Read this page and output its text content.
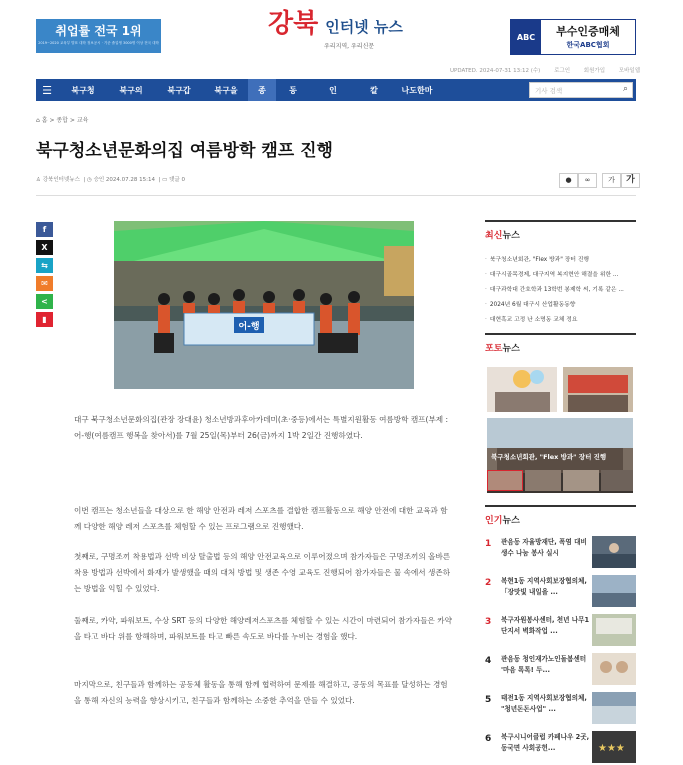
취업률 전국 1위
2019~2020 교육부 발표 대학 정보공시 · 기준 졸업생 3000명 이상 전국 대학
강북 인터넷 뉴스
우리지역, 우리신문
ABC	부수인증매체
한국ABC협회
UPDATED. 2024-07-31 13:12 (수)	로그인	회원가입	모바일웹
☰	북구청	북구의	북구갑	북구을	종	동	인	칼	나도한마	기사 검색	⌕
⌂ 홈 > 종합 > 교육
북구청소년문화의집 여름방학 캠프 진행
♙ 강북인터넷뉴스  | ◷ 승인 2024.07.28 15:14  | ▭ 댓글 0	●	∞	가	가
f
X
⇆
✉
<
▮
어-행

대구 북구청소년문화의집(관장 장대윤) 청소년방과후아카데미(초·중등)에서는 특별지원활동 여름방학 캠프(부제 :어-행(여름캠프 행복을 찾아서)를 7월 25일(목)부터 26(금)까지 1박 2일간 진행하였다.

이번 캠프는 청소년들을 대상으로 한 해양 안전과 레저 스포츠를 결합한 캠프활동으로 해양 안전에 대한 교육과 함께 다양한 해양 레저 스포츠를 체험할 수 있는 프로그램으로 진행했다.

첫째로, 구명조끼 착용법과 선박 비상 탈출법 등의 해양 안전교육으로 이루어졌으며 참가자들은 구명조끼의 올바른 착용 방법과 선박에서 화재가 발생했을 때의 대처 방법 및 생존 수영 교육도 진행되어 참가자들은 물 속에서 생존하는 방법을 익힐 수 있었다.

둘째로, 카약, 파워보트, 수상 SRT 등의 다양한 해양레저스포츠를 체험할 수 있는 시간이 마련되어 참가자들은 카약을 타고 바다 위를 항해하며, 파워보트를 타고 빠른 속도로 바다를 누비는 경험을 했다.

마지막으로, 친구들과 함께하는 공동체 활동을 통해 함께 협력하여 문제를 해결하고, 공동의 목표를 달성하는 경험을 통해 자신의 능력을 향상시키고, 친구들과 함께하는 소중한 추억을 만들 수 있었다.

최신뉴스
· 북구청소년회관, "Flex 방과" 장터 진행
· 대구시골목경제, 대구지역 복지현안 해결을 위한 ...
· 대구과학대 간호학과 13학번 봉제학 씨, 기록 같은 ...
· 2024년 6월 대구시 산업활동동향
· 대현흑교 고정 난 소명동 교체 정요
포토뉴스
북구청소년회관, "Flex 방과" 장터 진행
인기뉴스
1 관음동 자율방재단, 폭염 대비 생수 나눔 봉사 실시
2 복현1동 지역사회보장협의체, 「장맛빛 내일을 ...
3 북구자원봉사센터, 천년 나무1단지서 벽화작업 ...
4 관음동 청인재가노인돌봄센터 '마음 톡톡! 두...
5 태전1동 지역사회보장협의체, "청년돈돈사업" ...
6 북구시니어클럽 카페나우 2곳, 동국면 사회공헌...	★★★
